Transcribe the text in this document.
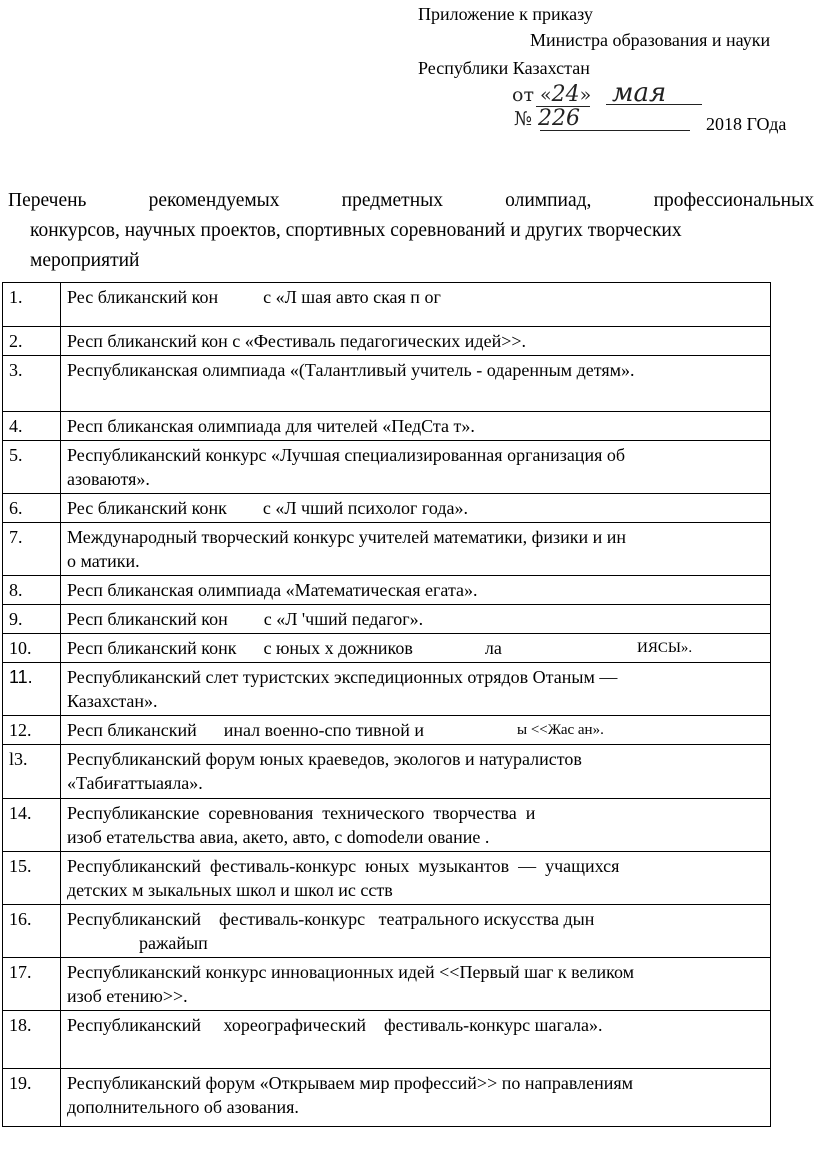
Приложение к приказу
Министра образования и науки
Республики Казахстан
от «24» мая
№ 226	2018 ГОда
Перечень	рекомендуемых	предметных	олимпиад,	профессиональных
конкурсов, научных проектов, спортивных соревнований и других творческих
мероприятий
1.	Рес бликанский кон          с «Л шая авто ская п ог

2.	Респ бликанский кон с «Фестиваль педагогических идей>>.

3.	Республиканская олимпиада «(Талантливый учитель - одаренным детям».

4.	Респ бликанская олимпиада для чителей «ПедСта т».

5.	Республиканский конкурс «Лучшая специализированная организация об
азоваютя».

6.	Рес бликанский конк        с «Л чший психолог года».

7.	Международный творческий конкурс учителей математики, физики и ин
о матики.

8.	Респ бликанская олимпиада «Математическая егата».

9.	Респ бликанский кон        с «Л 'чший педагог».

10.	Респ бликанский конк      с юных х дожников                ла ИЯСЫ».

11.	Республиканский слет туристских экспедиционных отрядов Отаным —
Казахстан».

12.	Респ бликанский      инал военно-спо тивной и ы <<Жас ан».

l3.	Республиканский форум юных краеведов, экологов и натуралистов
«Табиғаттыаяла».

14.	Республиканские  соревнования  технического  творчества  и
изоб етательства авиа, акето, авто, с domodели ование .

15.	Республиканский  фестиваль-конкурс  юных  музыкантов  —  учащихся
детских м зыкальных школ и школ ис сств

16.	Республиканский    фестиваль-конкурс   театрального искусства дын
ражайып

17.	Республиканский конкурс инновационных идей <<Первый шаг к великом
изоб етению>>.

18.	Республиканский     хореографический    фестиваль-конкурс шагала».

19.	Республиканский форум «Открываем мир профессий>> по направлениям
дополнительного об азования.
